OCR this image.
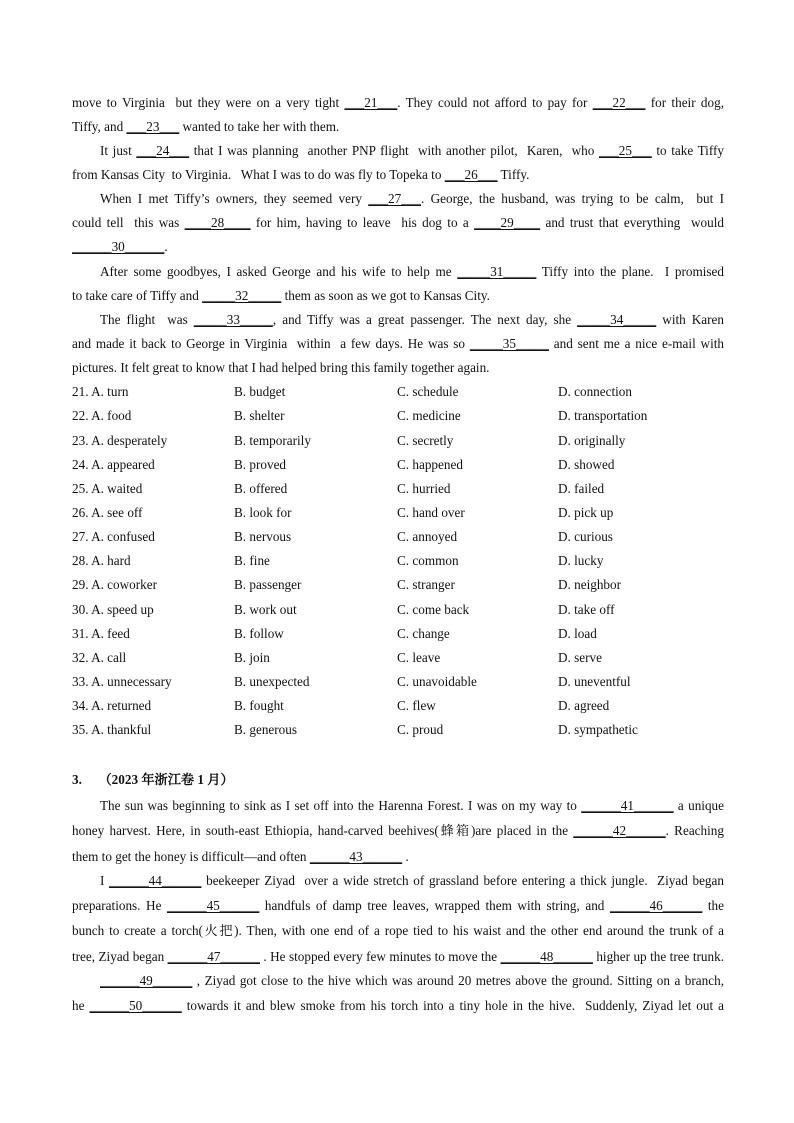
move to Virginia  but they were on a very tight ___21___. They could not afford to pay for ___22___ for their dog,
Tiffy, and ___23___ wanted to take her with them.
It just ___24___ that I was planning  another PNP flight  with another pilot,  Karen,  who ___25___ to take Tiffy
from Kansas City  to Virginia.   What I was to do was fly to Topeka to ___26___ Tiffy.
When I met Tiffy’s owners, they seemed very ___27___. George, the husband, was trying to be calm,  but I
could tell  this was ____28____ for him, having to leave  his dog to a ____29____ and trust that everything  would
______30______.
After some goodbyes, I asked George and his wife to help me _____31_____ Tiffy into the plane.  I promised
to take care of Tiffy and _____32_____ them as soon as we got to Kansas City.
The flight  was _____33_____, and Tiffy was a great passenger. The next day, she _____34_____ with Karen
and made it back to George in Virginia  within  a few days. He was so _____35_____ and sent me a nice e-mail with
pictures. It felt great to know that I had helped bring this family together again.
21. A. turn	B. budget	C. schedule	D. connection
22. A. food	B. shelter	C. medicine	D. transportation
23. A. desperately	B. temporarily	C. secretly	D. originally
24. A. appeared	B. proved	C. happened	D. showed
25. A. waited	B. offered	C. hurried	D. failed
26. A. see off	B. look for	C. hand over	D. pick up
27. A. confused	B. nervous	C. annoyed	D. curious
28. A. hard	B. fine	C. common	D. lucky
29. A. coworker	B. passenger	C. stranger	D. neighbor
30. A. speed up	B. work out	C. come back	D. take off
31. A. feed	B. follow	C. change	D. load
32. A. call	B. join	C. leave	D. serve
33. A. unnecessary	B. unexpected	C. unavoidable	D. uneventful
34. A. returned	B. fought	C. flew	D. agreed
35. A. thankful	B. generous	C. proud	D. sympathetic
3. （2023 年浙江卷 1 月）
The sun was beginning to sink as I set off into the Harenna Forest. I was on my way to ______41______ a unique
honey harvest. Here, in south-east Ethiopia, hand-carved beehives(蜂箱)are placed in the ______42______. Reaching
them to get the honey is difficult—and often ______43______ .
I ______44______ beekeeper Ziyad  over a wide stretch of grassland before entering a thick jungle.  Ziyad began
preparations. He ______45______ handfuls of damp tree leaves, wrapped them with string, and ______46______ the
bunch to create a torch(火把). Then, with one end of a rope tied to his waist and the other end around the trunk of a
tree, Ziyad began ______47______ . He stopped every few minutes to move the ______48______ higher up the tree trunk.
______49______ , Ziyad got close to the hive which was around 20 metres above the ground. Sitting on a branch,
he ______50______ towards it and blew smoke from his torch into a tiny hole in the hive.  Suddenly, Ziyad let out a
